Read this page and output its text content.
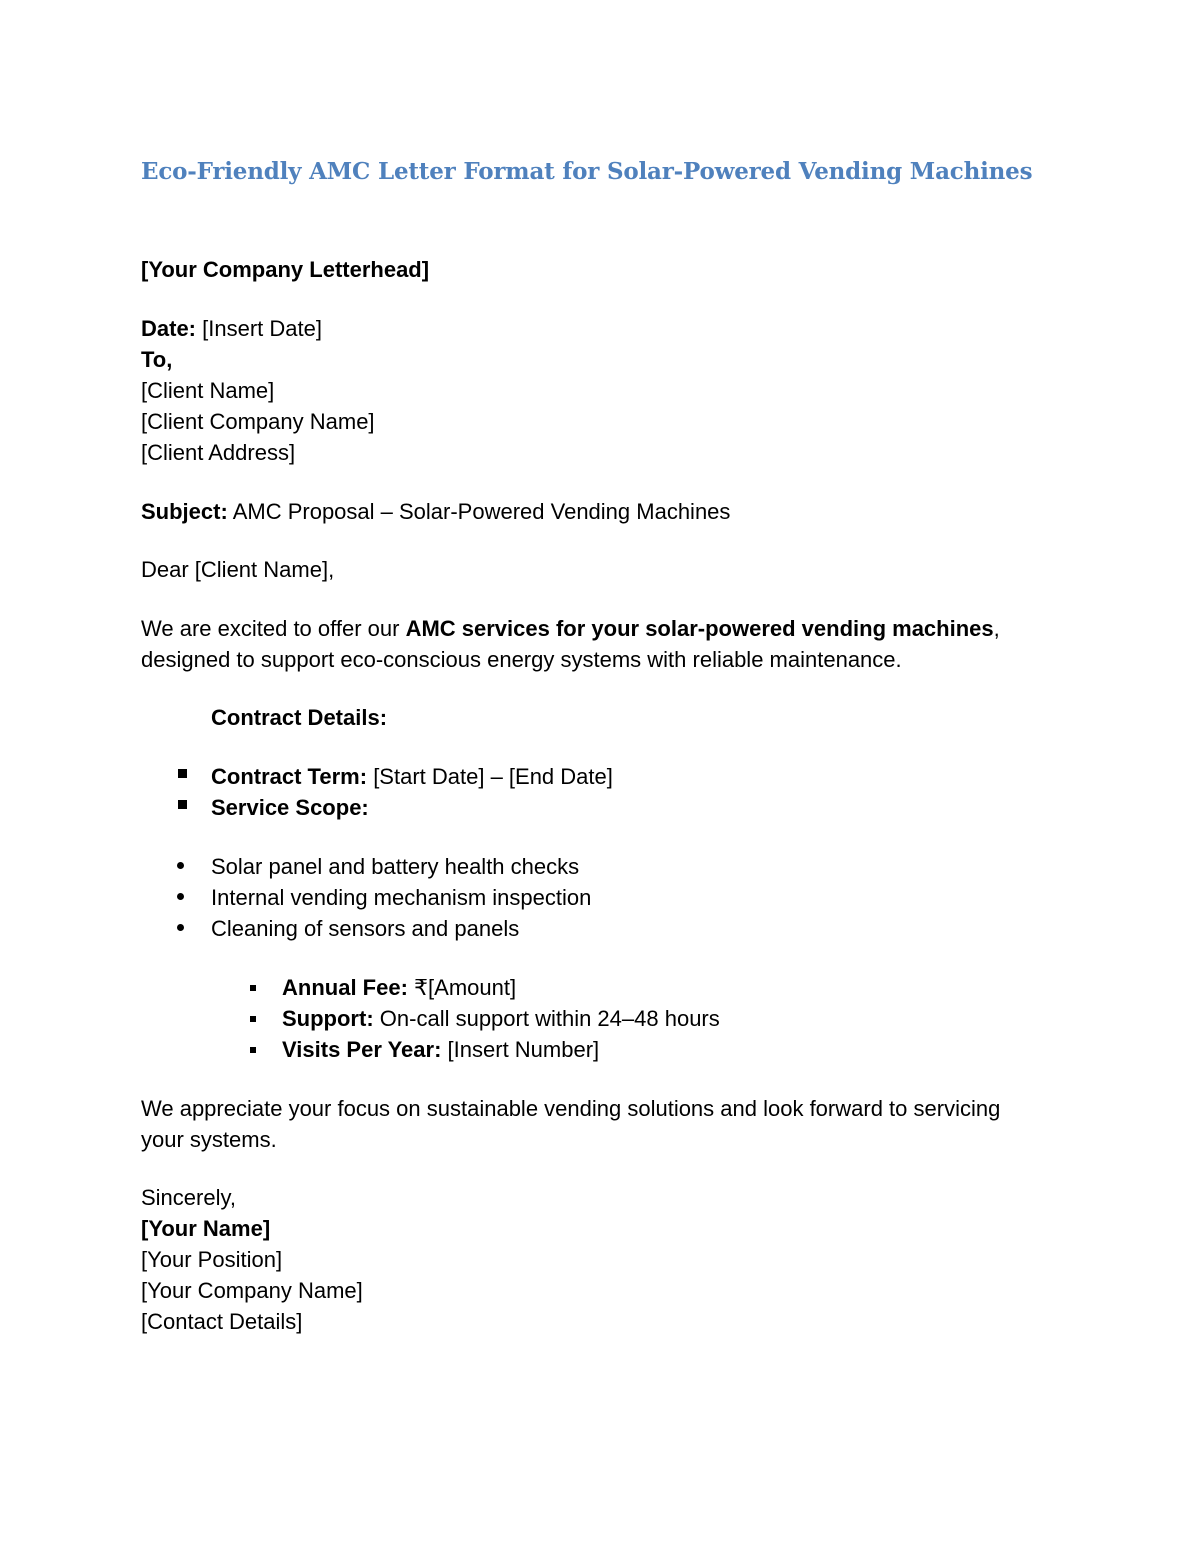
Eco-Friendly AMC Letter Format for Solar-Powered Vending Machines
[Your Company Letterhead]
Date: [Insert Date]
To,
[Client Name]
[Client Company Name]
[Client Address]
Subject: AMC Proposal – Solar-Powered Vending Machines
Dear [Client Name],
We are excited to offer our AMC services for your solar-powered vending machines,
designed to support eco-conscious energy systems with reliable maintenance.
Contract Details:
Contract Term: [Start Date] – [End Date]
Service Scope:
Solar panel and battery health checks
Internal vending mechanism inspection
Cleaning of sensors and panels
Annual Fee: ₹[Amount]
Support: On-call support within 24–48 hours
Visits Per Year: [Insert Number]
We appreciate your focus on sustainable vending solutions and look forward to servicing
your systems.
Sincerely,
[Your Name]
[Your Position]
[Your Company Name]
[Contact Details]
